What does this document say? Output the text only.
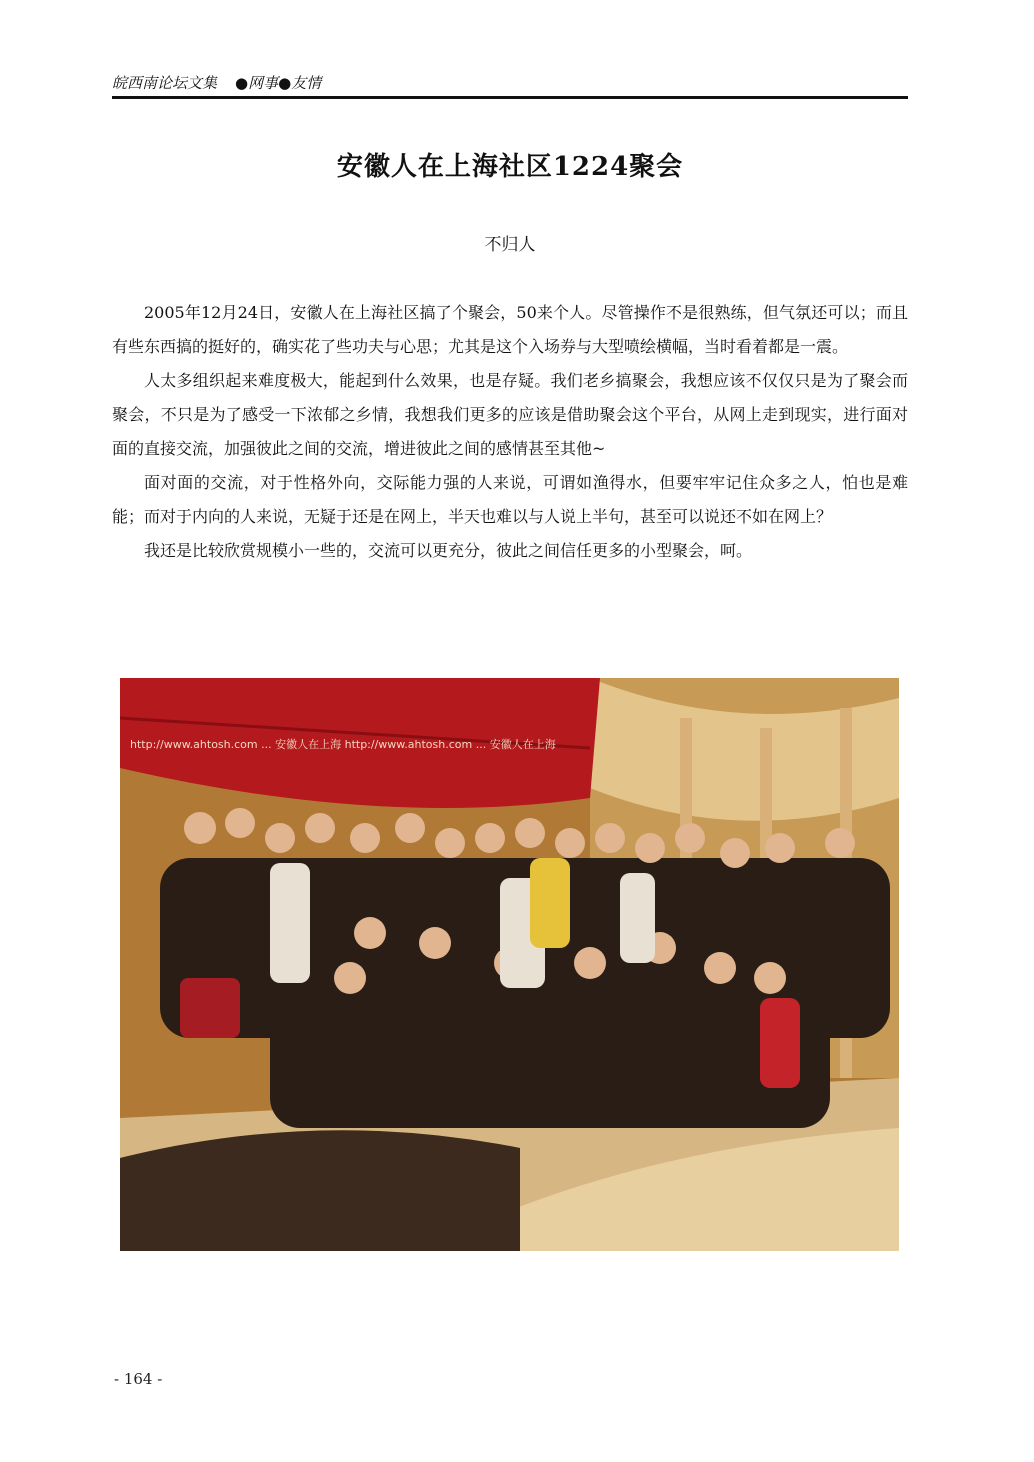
皖西南论坛文集 ●网事●友情
安徽人在上海社区1224聚会
不归人

2005年12月24日，安徽人在上海社区搞了个聚会，50来个人。尽管操作不是很熟练，但气氛还可以；而且有些东西搞的挺好的，确实花了些功夫与心思；尤其是这个入场券与大型喷绘横幅，当时看着都是一震。

人太多组织起来难度极大，能起到什么效果，也是存疑。我们老乡搞聚会，我想应该不仅仅只是为了聚会而聚会，不只是为了感受一下浓郁之乡情，我想我们更多的应该是借助聚会这个平台，从网上走到现实，进行面对面的直接交流，加强彼此之间的交流，增进彼此之间的感情甚至其他~

面对面的交流，对于性格外向，交际能力强的人来说，可谓如渔得水，但要牢牢记住众多之人，怕也是难能；而对于内向的人来说，无疑于还是在网上，半天也难以与人说上半句，甚至可以说还不如在网上？

我还是比较欣赏规模小一些的，交流可以更充分，彼此之间信任更多的小型聚会，呵。

http://www.ahtosh.com ... 安徽人在上海 http://www.ahtosh.com ... 安徽人在上海
- 164 -
